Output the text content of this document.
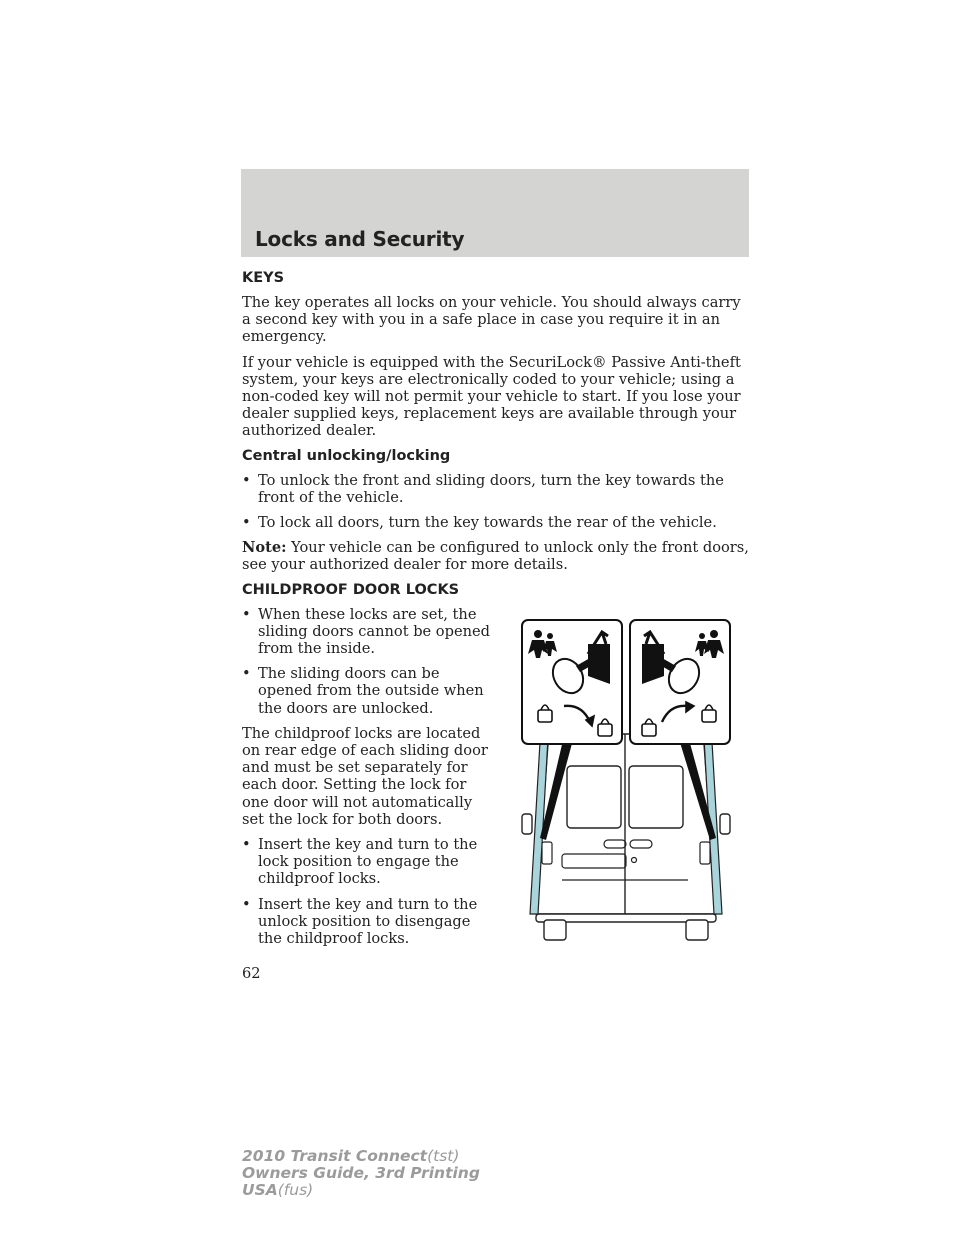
Locks and Security
KEYS

The key operates all locks on your vehicle. You should always carry a second key with you in a safe place in case you require it in an emergency.

If your vehicle is equipped with the SecuriLock® Passive Anti-theft system, your keys are electronically coded to your vehicle; using a non-coded key will not permit your vehicle to start. If you lose your dealer supplied keys, replacement keys are available through your authorized dealer.

Central unlocking/locking
• To unlock the front and sliding doors, turn the key towards the front of the vehicle.
• To lock all doors, turn the key towards the rear of the vehicle.

Note: Your vehicle can be configured to unlock only the front doors, see your authorized dealer for more details.

CHILDPROOF DOOR LOCKS
• When these locks are set, the sliding doors cannot be opened from the inside.
• The sliding doors can be opened from the outside when the doors are unlocked.

The childproof locks are located on rear edge of each sliding door and must be set separately for each door. Setting the lock for one door will not automatically set the lock for both doors.

• Insert the key and turn to the lock position to engage the childproof locks.
• Insert the key and turn to the unlock position to disengage the childproof locks.
62
2010 Transit Connect(tst)
Owners Guide, 3rd Printing
USA(fus)
